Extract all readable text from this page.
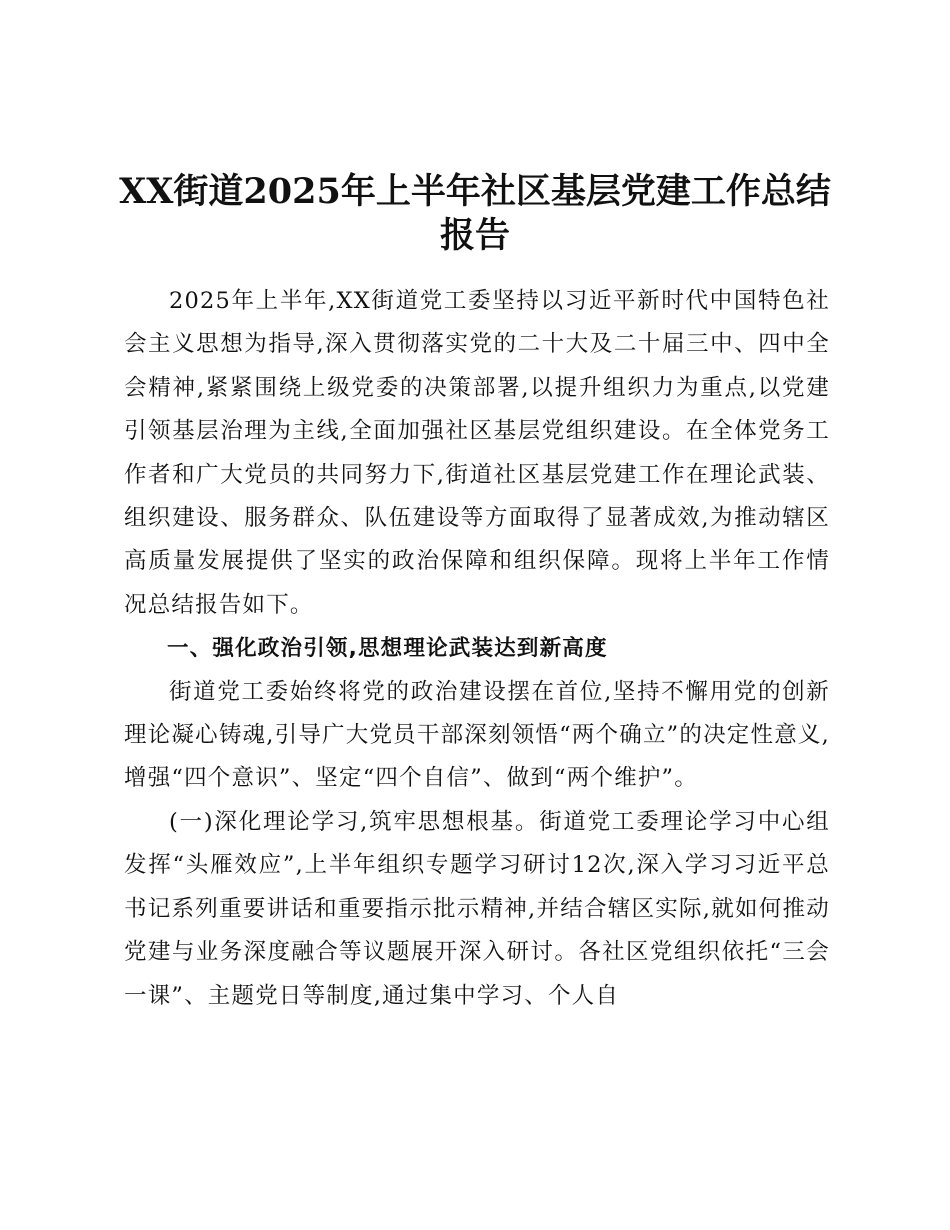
XX街道2025年上半年社区基层党建工作总结
报告

2025年上半年,XX街道党工委坚持以习近平新时代中国特色社会主义思想为指导,深入贯彻落实党的二十大及二十届三中、四中全会精神,紧紧围绕上级党委的决策部署,以提升组织力为重点,以党建引领基层治理为主线,全面加强社区基层党组织建设。在全体党务工作者和广大党员的共同努力下,街道社区基层党建工作在理论武装、组织建设、服务群众、队伍建设等方面取得了显著成效,为推动辖区高质量发展提供了坚实的政治保障和组织保障。现将上半年工作情况总结报告如下。

一、强化政治引领,思想理论武装达到新高度

街道党工委始终将党的政治建设摆在首位,坚持不懈用党的创新理论凝心铸魂,引导广大党员干部深刻领悟“两个确立”的决定性意义,增强“四个意识”、坚定“四个自信”、做到“两个维护”。

(一)深化理论学习,筑牢思想根基。街道党工委理论学习中心组发挥“头雁效应”,上半年组织专题学习研讨12次,深入学习习近平总书记系列重要讲话和重要指示批示精神,并结合辖区实际,就如何推动党建与业务深度融合等议题展开深入研讨。各社区党组织依托“三会一课”、主题党日等制度,通过集中学习、个人自
